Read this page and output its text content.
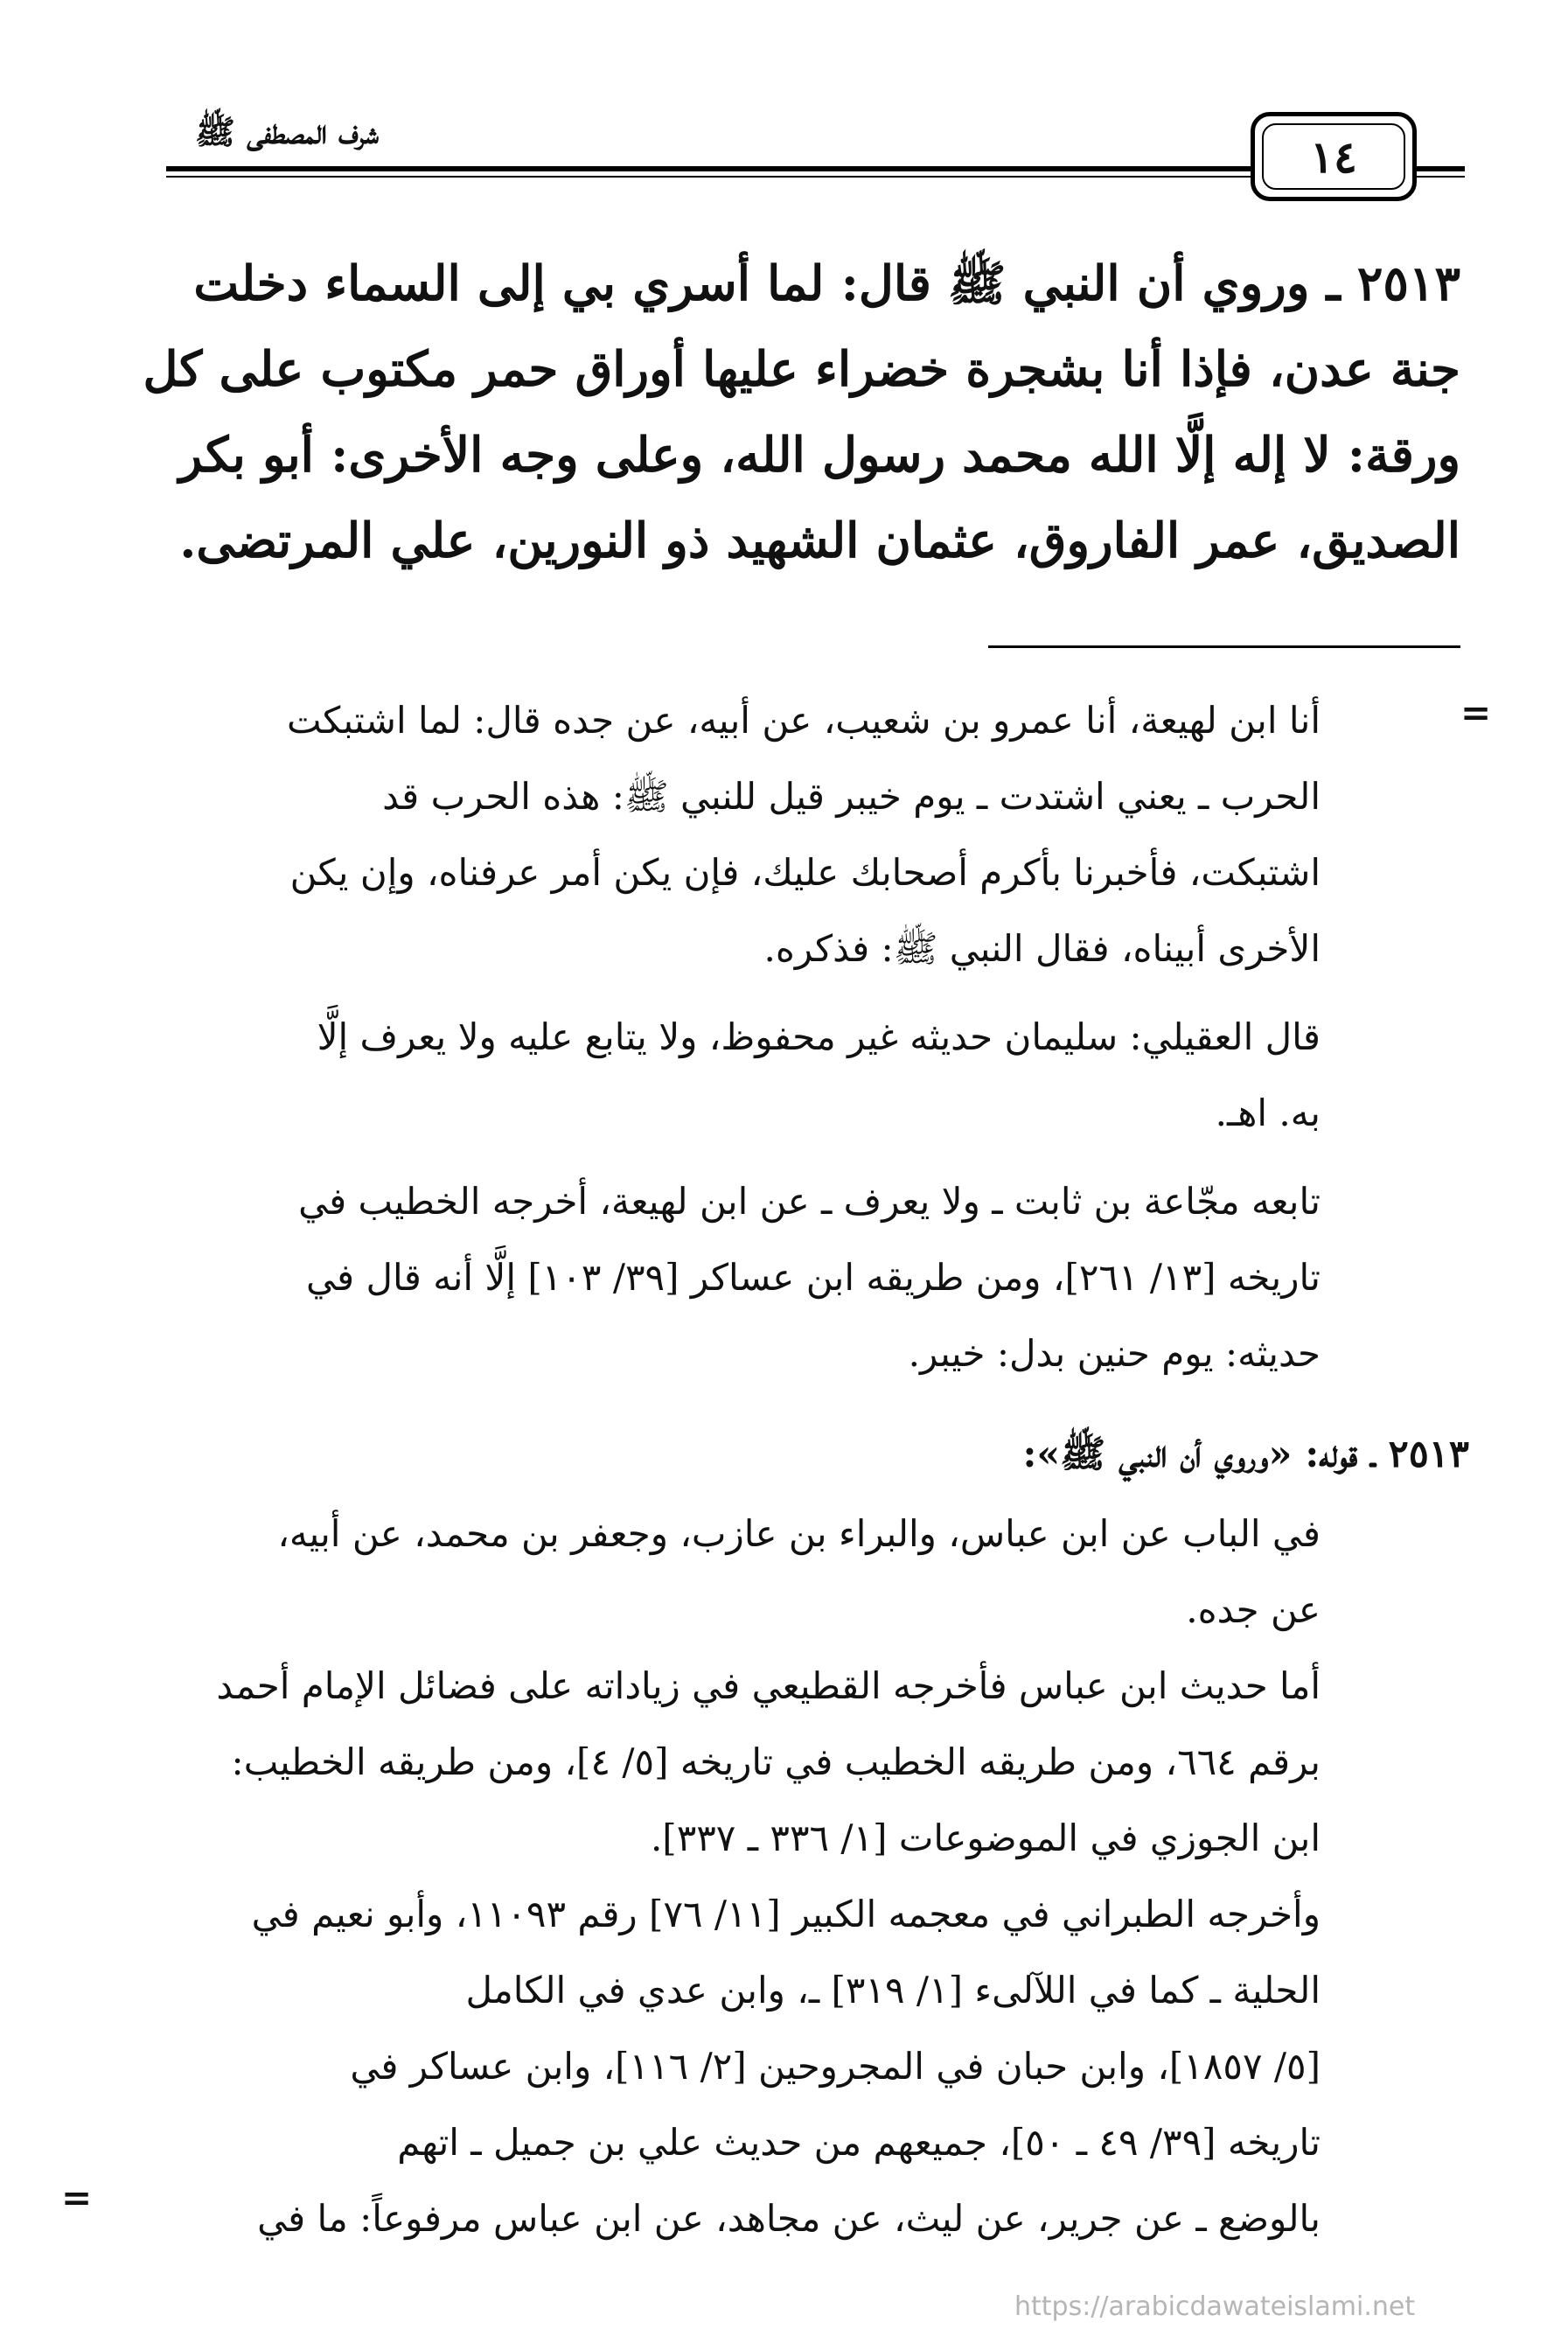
شرف المصطفى ﷺ	١٤
٢٥١٣ ـ وروي أن النبي ﷺ قال: لما أسري بي إلى السماء دخلت
جنة عدن، فإذا أنا بشجرة خضراء عليها أوراق حمر مكتوب على كل
ورقة: لا إله إلَّا الله محمد رسول الله، وعلى وجه الأخرى: أبو بكر
الصديق، عمر الفاروق، عثمان الشهيد ذو النورين، علي المرتضى.
=
أنا ابن لهيعة، أنا عمرو بن شعيب، عن أبيه، عن جده قال: لما اشتبكت
الحرب ـ يعني اشتدت ـ يوم خيبر قيل للنبي ﷺ: هذه الحرب قد
اشتبكت، فأخبرنا بأكرم أصحابك عليك، فإن يكن أمر عرفناه، وإن يكن
الأخرى أبيناه، فقال النبي ﷺ: فذكره.
قال العقيلي: سليمان حديثه غير محفوظ، ولا يتابع عليه ولا يعرف إلَّا
به. اهـ.
تابعه مجّاعة بن ثابت ـ ولا يعرف ـ عن ابن لهيعة، أخرجه الخطيب في
تاريخه [١٣/ ٢٦١]، ومن طريقه ابن عساكر [٣٩/ ١٠٣] إلَّا أنه قال في
حديثه: يوم حنين بدل: خيبر.
٢٥١٣ ـ قوله: «وروي أن النبي ﷺ»:
في الباب عن ابن عباس، والبراء بن عازب، وجعفر بن محمد، عن أبيه،
عن جده.
أما حديث ابن عباس فأخرجه القطيعي في زياداته على فضائل الإمام أحمد
برقم ٦٦٤، ومن طريقه الخطيب في تاريخه [٥/ ٤]، ومن طريقه الخطيب:
ابن الجوزي في الموضوعات [١/ ٣٣٦ ـ ٣٣٧].
وأخرجه الطبراني في معجمه الكبير [١١/ ٧٦] رقم ١١٠٩٣، وأبو نعيم في
الحلية ـ كما في اللآلىء [١/ ٣١٩] ـ، وابن عدي في الكامل
[٥/ ١٨٥٧]، وابن حبان في المجروحين [٢/ ١١٦]، وابن عساكر في
تاريخه [٣٩/ ٤٩ ـ ٥٠]، جميعهم من حديث علي بن جميل ـ اتهم
بالوضع ـ عن جرير، عن ليث، عن مجاهد، عن ابن عباس مرفوعاً: ما في
=
https://arabicdawateislami.net
